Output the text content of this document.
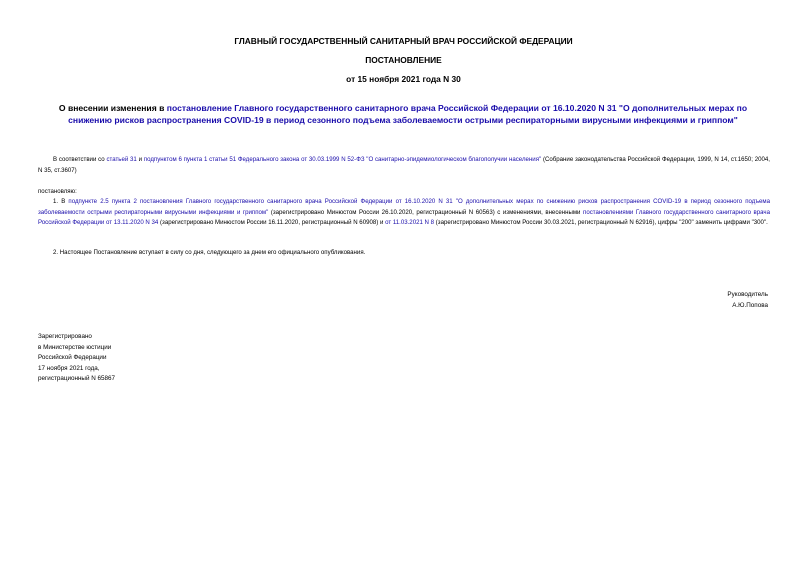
ГЛАВНЫЙ ГОСУДАРСТВЕННЫЙ САНИТАРНЫЙ ВРАЧ РОССИЙСКОЙ ФЕДЕРАЦИИ
ПОСТАНОВЛЕНИЕ
от 15 ноября 2021 года N 30
О внесении изменения в постановление Главного государственного санитарного врача Российской Федерации от 16.10.2020 N 31 "О дополнительных мерах по снижению рисков распространения COVID-19 в период сезонного подъема заболеваемости острыми респираторными вирусными инфекциями и гриппом"
В соответствии со статьей 31 и подпунктом 6 пункта 1 статьи 51 Федерального закона от 30.03.1999 N 52-ФЗ "О санитарно-эпидемиологическом благополучии населения" (Собрание законодательства Российской Федерации, 1999, N 14, ст.1650; 2004, N 35, ст.3607)
постановляю:
1. В подпункте 2.5 пункта 2 постановления Главного государственного санитарного врача Российской Федерации от 16.10.2020 N 31 "О дополнительных мерах по снижению рисков распространения COVID-19 в период сезонного подъема заболеваемости острыми респираторными вирусными инфекциями и гриппом" (зарегистрировано Минюстом России 26.10.2020, регистрационный N 60563) с изменениями, внесенными постановлениями Главного государственного санитарного врача Российской Федерации от 13.11.2020 N 34 (зарегистрировано Минюстом России 16.11.2020, регистрационный N 60908) и от 11.03.2021 N 8 (зарегистрировано Минюстом России 30.03.2021, регистрационный N 62916), цифры "200" заменить цифрами "300".
2. Настоящее Постановление вступает в силу со дня, следующего за днем его официального опубликования.
Руководитель
А.Ю.Попова
Зарегистрировано
в Министерстве юстиции
Российской Федерации
17 ноября 2021 года,
регистрационный N 65867
